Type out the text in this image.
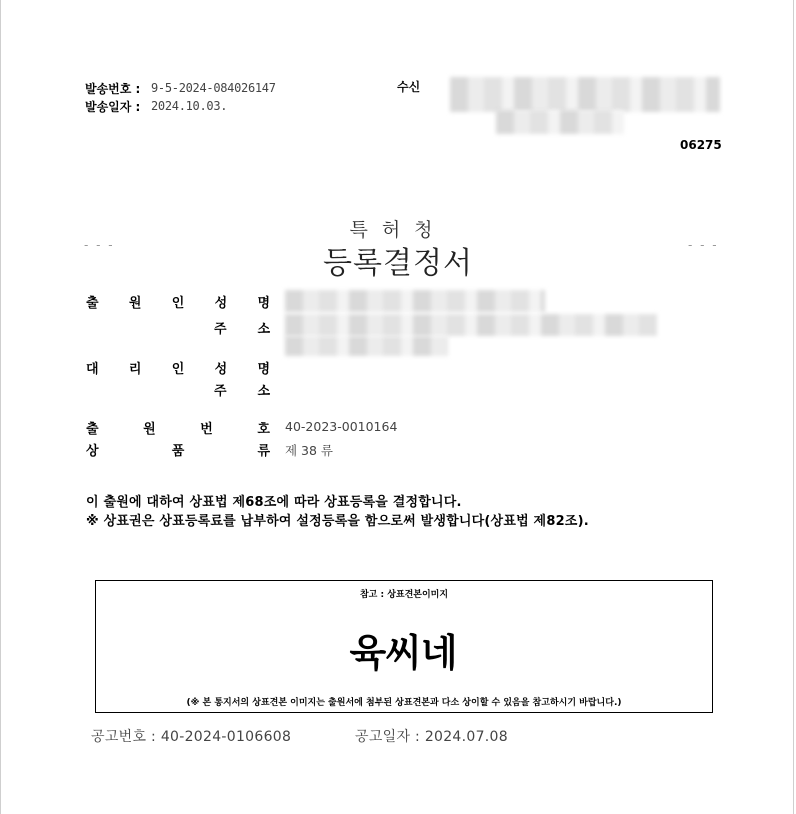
발송번호 : 9-5-2024-084026147
발송일자 : 2024.10.03.
수신
06275
- - -	- - -
특허청
등록결정서
출 원 인 성 명
주 소
대 리 인 성 명
주 소
출	원	번	호 40-2023-0010164
상	품	류 제 38 류
이 출원에 대하여 상표법 제68조에 따라 상표등록을 결정합니다.
※ 상표권은 상표등록료를 납부하여 설정등록을 함으로써 발생합니다(상표법 제82조).
참고 : 상표견본이미지
(※ 본 통지서의 상표견본 이미지는 출원서에 첨부된 상표견본과 다소 상이할 수 있음을 참고하시기 바랍니다.)
육씨네
공고번호 : 40-2024-0106608	공고일자 : 2024.07.08
